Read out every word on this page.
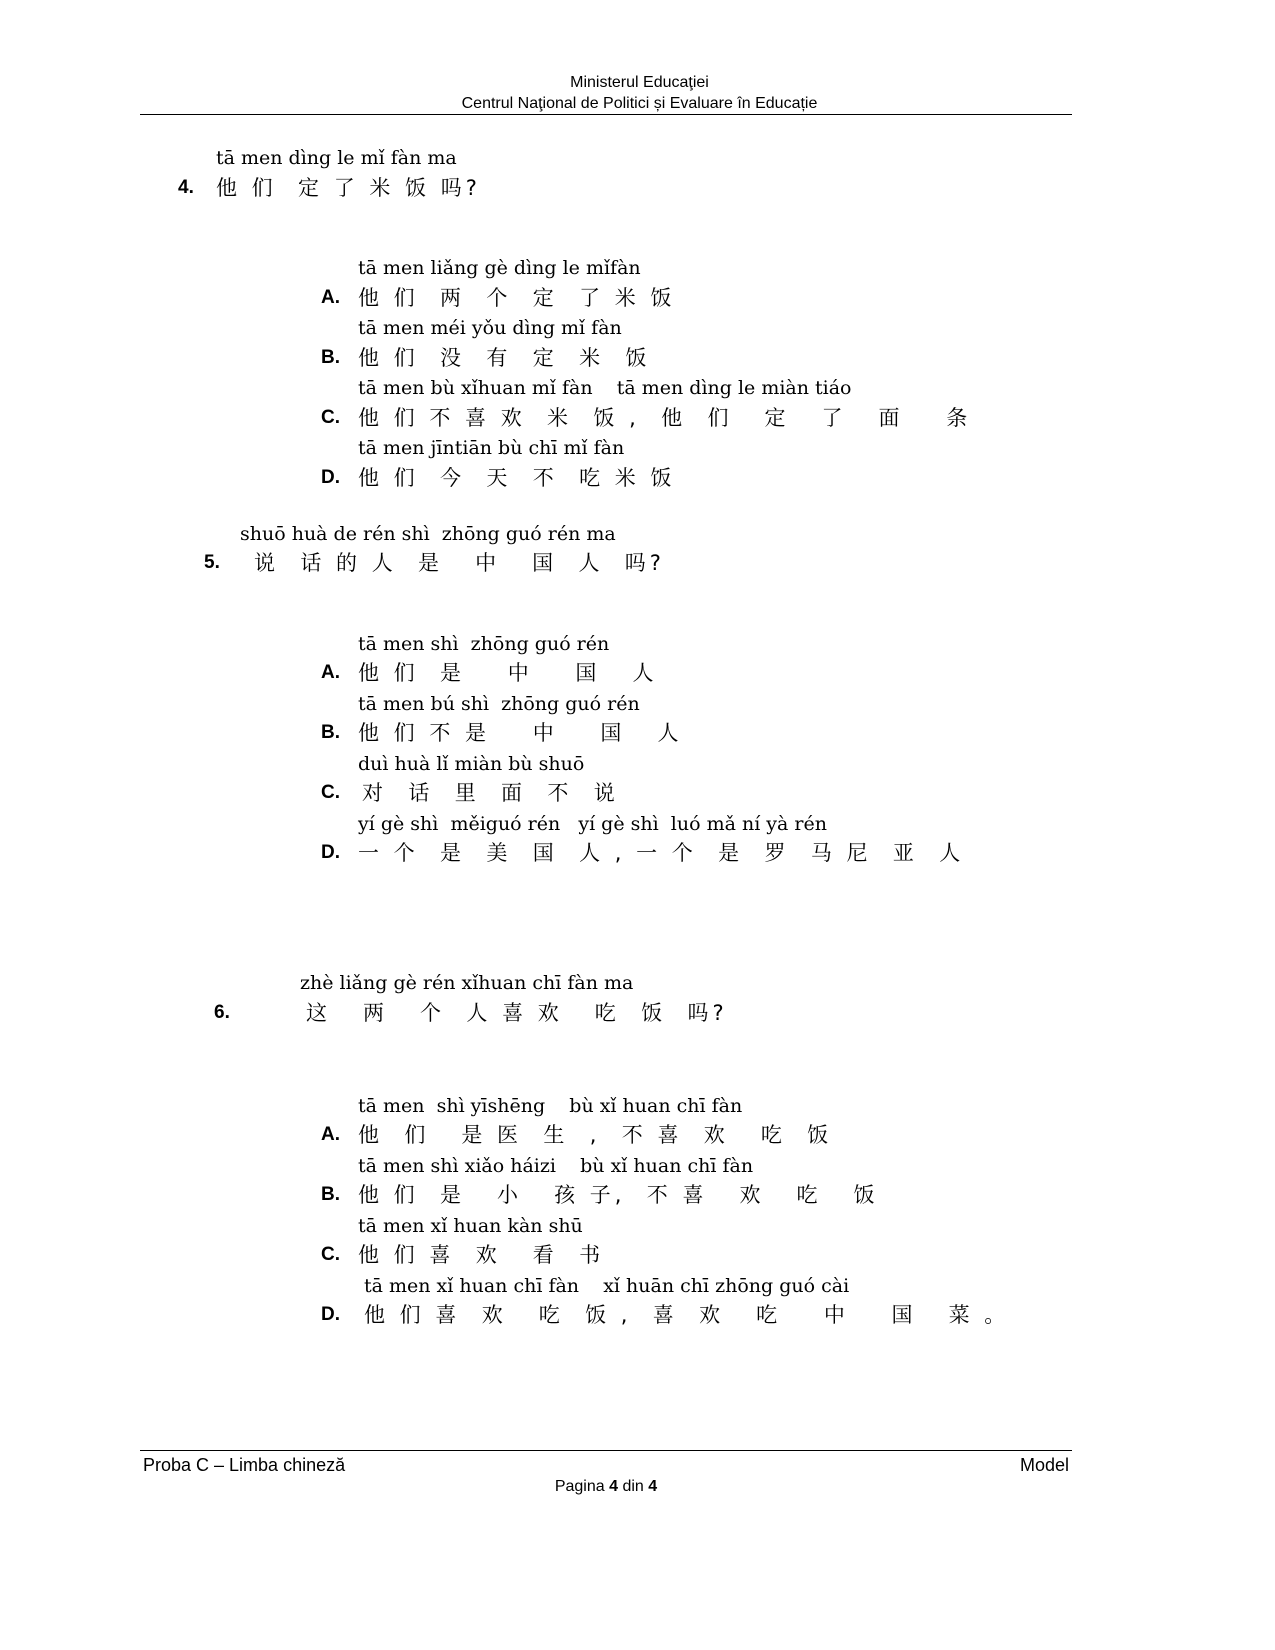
Ministerul Educaţiei
Centrul Naţional de Politici și Evaluare în Educație
tā men dìng le mǐ fàn ma
4. 他 们  定 了 米 饭 吗?
tā men liǎng gè dìng le mǐfàn
A. 他 们  两  个  定  了 米 饭
tā men méi yǒu dìng mǐ fàn
B. 他 们  没  有  定  米  饭
tā men bù xǐhuan mǐ fàn    tā men dìng le miàn tiáo
C. 他 们 不 喜 欢  米  饭 ,  他  们   定   了   面    条
tā men jīntiān bù chī mǐ fàn
D. 他 们  今  天  不  吃 米 饭
shuō huà de rén shì  zhōng guó rén ma
5. 说  话 的 人  是   中   国  人  吗?
tā men shì  zhōng guó rén
A. 他 们  是    中    国   人
tā men bú shì  zhōng guó rén
B. 他 们 不 是    中    国   人
duì huà lǐ miàn bù shuō
C. 对  话  里  面  不  说
yí gè shì  měiguó rén   yí gè shì  luó mǎ ní yà rén
D. 一 个  是  美  国  人 , 一 个  是  罗  马 尼  亚  人
zhè liǎng gè rén xǐhuan chī fàn ma
6.	这   两   个  人 喜 欢   吃  饭  吗?
tā men  shì yīshēng    bù xǐ huan chī fàn
A. 他  们   是 医  生  ,  不 喜  欢   吃  饭
tā men shì xiǎo háizi    bù xǐ huan chī fàn
B. 他 们  是   小   孩 子,  不 喜   欢   吃   饭
tā men xǐ huan kàn shū
C. 他 们 喜  欢   看  书
tā men xǐ huan chī fàn    xǐ huān chī zhōng guó cài
D. 他 们 喜  欢   吃  饭 ,  喜  欢   吃    中    国   菜 。
Proba C – Limba chineză	Model
Pagina 4 din 4
